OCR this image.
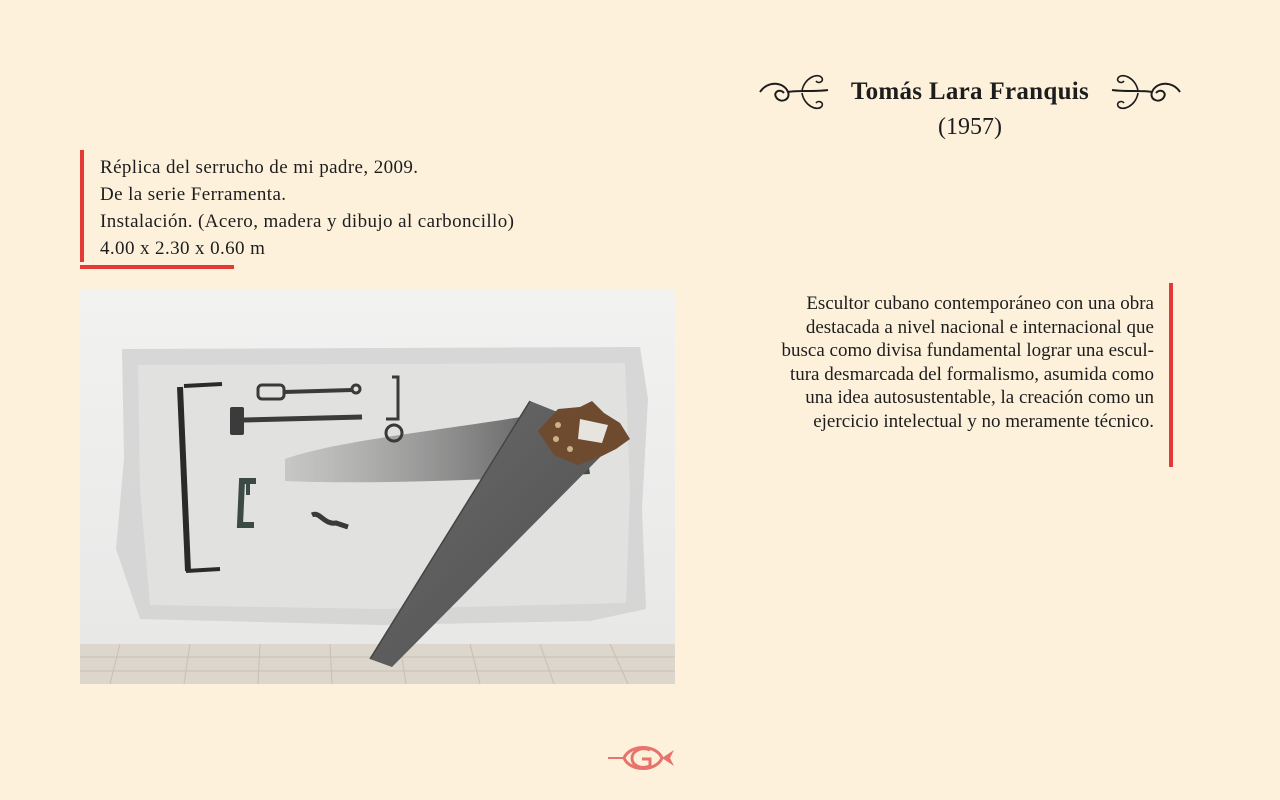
Tomás Lara Franquis
(1957)
Réplica del serrucho de mi padre, 2009.
De la serie Ferramenta.
Instalación. (Acero, madera y dibujo al carboncillo)
4.00 x 2.30 x 0.60 m
Escultor cubano contemporáneo con una obra
destacada a nivel nacional e internacional que
busca como divisa fundamental lograr una escul-
tura desmarcada del formalismo, asumida como
una idea autosustentable, la creación como un
ejercicio intelectual y no meramente técnico.
